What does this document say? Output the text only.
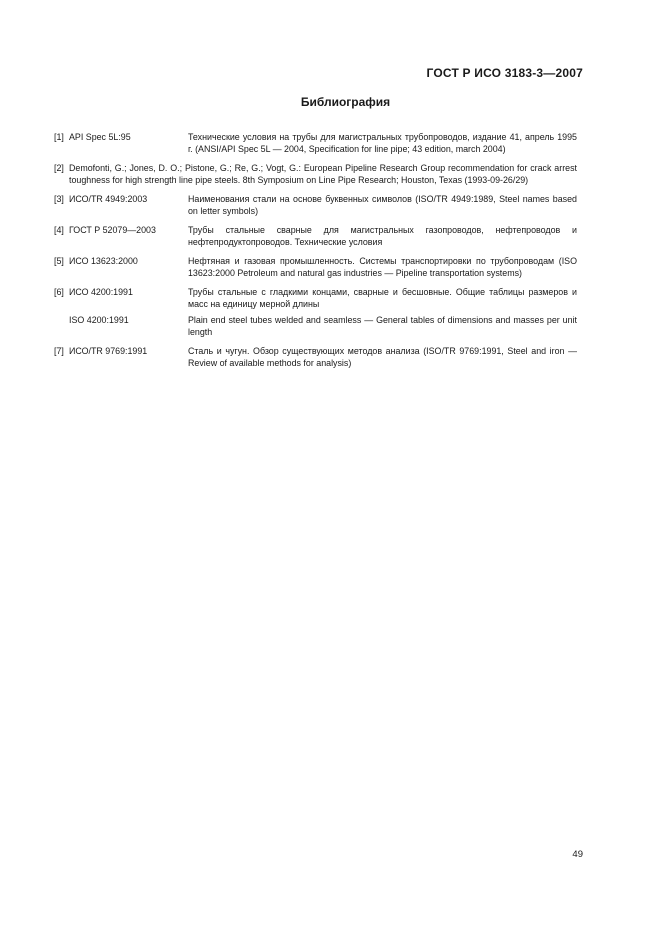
ГОСТ Р ИСО 3183-3—2007
Библиография
[1] API Spec 5L:95	Технические условия на трубы для магистральных трубопроводов, издание 41, апрель 1995 г. (ANSI/API Spec 5L — 2004, Specification for line pipe; 43 edition, march 2004)
[2] Demofonti, G.; Jones, D. O.; Pistone, G.; Re, G.; Vogt, G.: European Pipeline Research Group recommendation for crack arrest toughness for high strength line pipe steels. 8th Symposium on Line Pipe Research; Houston, Texas (1993-09-26/29)
[3] ИСО/TR 4949:2003	Наименования стали на основе буквенных символов (ISO/TR 4949:1989, Steel names based on letter symbols)
[4] ГОСТ Р 52079—2003	Трубы стальные сварные для магистральных газопроводов, нефтепроводов и нефтепродуктопроводов. Технические условия
[5] ИСО 13623:2000	Нефтяная и газовая промышленность. Системы транспортировки по трубопроводам (ISO 13623:2000 Petroleum and natural gas industries — Pipeline transportation systems)
[6] ИСО 4200:1991	Трубы стальные с гладкими концами, сварные и бесшовные. Общие таблицы размеров и масс на единицу мерной длины
ISO 4200:1991	Plain end steel tubes welded and seamless — General tables of dimensions and masses per unit length
[7] ИСО/TR 9769:1991	Сталь и чугун. Обзор существующих методов анализа (ISO/TR 9769:1991, Steel and iron — Review of available methods for analysis)
49
